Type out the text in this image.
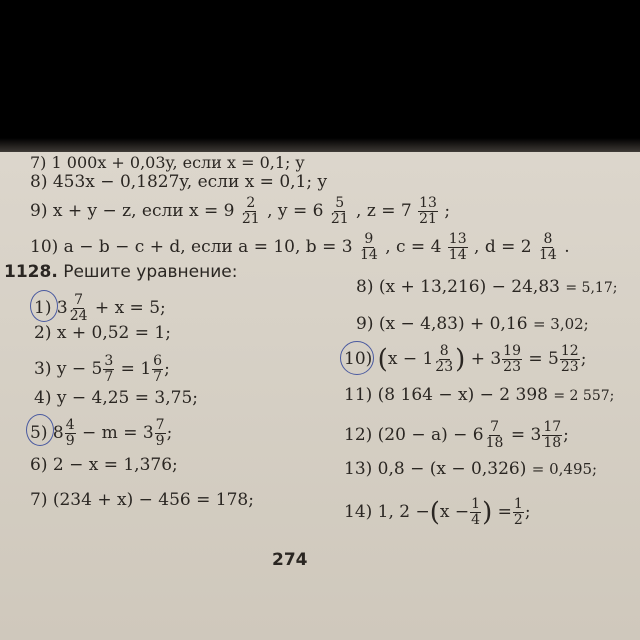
7) 1 000x + 0,03y, если x = 0,1; y
8) 453x − 0,1827y, если x = 0,1; y
9) x + y − z, если $x = 9 \frac{2}{21}$ , $y = 6 \frac{5}{21}$ , $z = 7 \frac{13}{21}$ ;
10) a − b − c + d, если a = 10, $b = 3 \frac{9}{14}$ , $c = 4 \frac{13}{14}$ , $d = 2 \frac{8}{14}$ .
1128. Решите уравнение:
1) $3 \frac{7}{24} + x = 5$;
2) x + 0,52 = 1;
3) $y - 5 \frac{3}{7} = 1 \frac{6}{7}$ ;
4) y − 4,25 = 3,75;
5) $8 \frac{4}{9} - m = 3 \frac{7}{9}$ ;
6) 2 − x = 1,376;
7) (234 + x) − 456 = 178;
8) (x + 13,216) − 24,83 = 5,17;
9) (x − 4,83) + 0,16 = 3,02;
10) ($x - 1 \frac{8}{23}$ ) + $3 \frac{19}{23} = 5 \frac{12}{23}$ ;
11) (8 164 − x) − 2 398 = 2 557;
12) $(20 - a) - 6 \frac{7}{18} = 3 \frac{17}{18}$ ;
13) 0,8 − (x − 0,326) = 0,495;
14) 1, $2 -(x - \frac{1}{4}$ ) = $\frac{1}{2}$ ;
274
